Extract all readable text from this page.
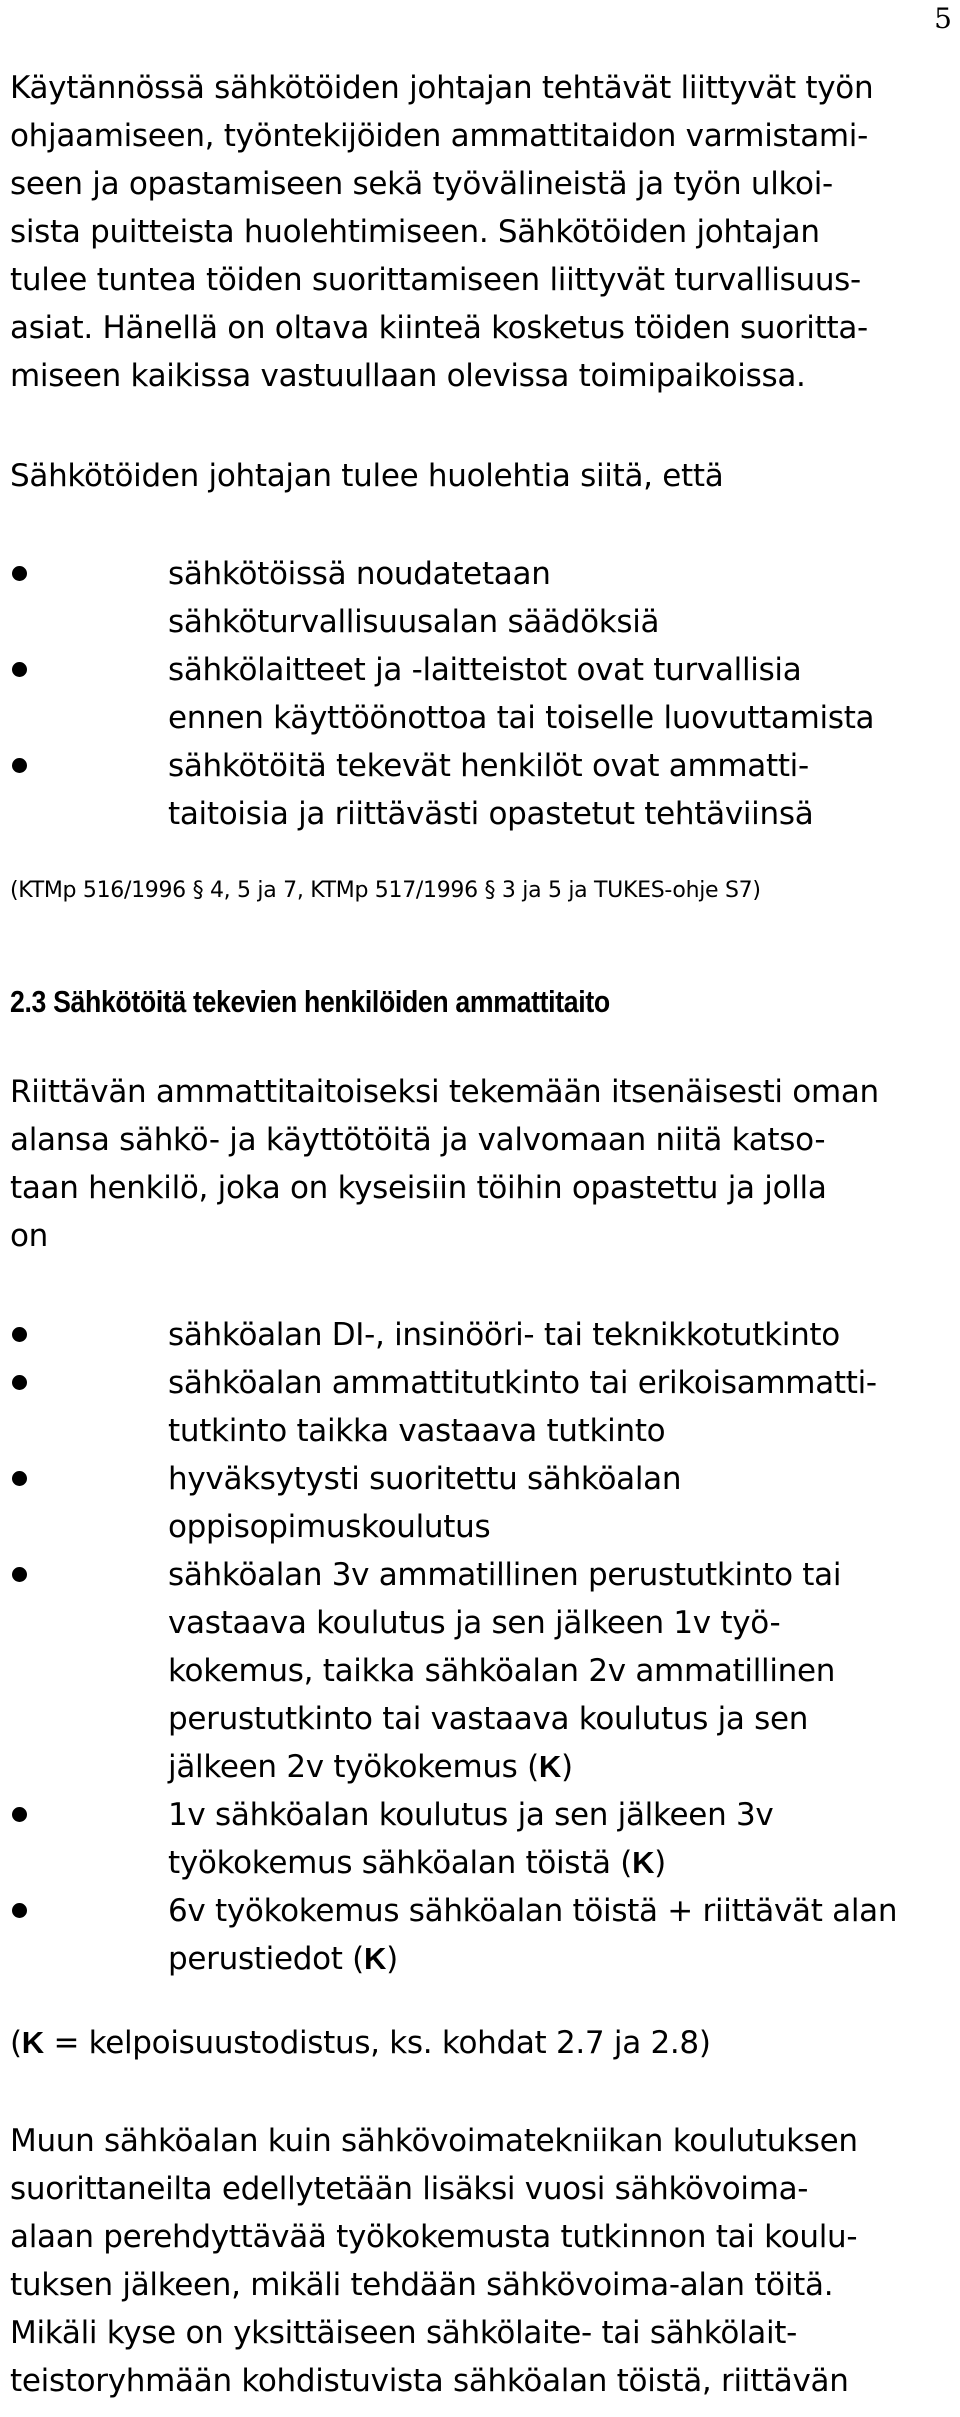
5
Käytännössä sähkötöiden johtajan tehtävät liittyvät työn
ohjaamiseen, työntekijöiden ammattitaidon varmistami-
seen ja opastamiseen sekä työvälineistä ja työn ulkoi-
sista puitteista huolehtimiseen. Sähkötöiden johtajan
tulee tuntea töiden suorittamiseen liittyvät turvallisuus-
asiat. Hänellä on oltava kiinteä kosketus töiden suoritta-
miseen kaikissa vastuullaan olevissa toimipaikoissa.
Sähkötöiden johtajan tulee huolehtia siitä, että
sähkötöissä noudatetaan
sähköturvallisuusalan säädöksiä
sähkölaitteet ja -laitteistot ovat turvallisia
ennen käyttöönottoa tai toiselle luovuttamista
sähkötöitä tekevät henkilöt ovat ammatti-
taitoisia ja riittävästi opastetut tehtäviinsä
(KTMp 516/1996 § 4, 5 ja 7, KTMp 517/1996 § 3 ja 5 ja TUKES-ohje S7)
2.3 Sähkötöitä tekevien henkilöiden ammattitaito
Riittävän ammattitaitoiseksi tekemään itsenäisesti oman
alansa sähkö- ja käyttötöitä ja valvomaan niitä katso-
taan henkilö, joka on kyseisiin töihin opastettu ja jolla
on
sähköalan DI-, insinööri- tai teknikkotutkinto
sähköalan ammattitutkinto tai erikoisammatti-
tutkinto taikka vastaava tutkinto
hyväksytysti suoritettu sähköalan
oppisopimuskoulutus
sähköalan 3v ammatillinen perustutkinto tai
vastaava koulutus ja sen jälkeen 1v työ-
kokemus, taikka sähköalan 2v ammatillinen
perustutkinto tai vastaava koulutus ja sen
jälkeen 2v työkokemus (K)
1v sähköalan koulutus ja sen jälkeen 3v
työkokemus sähköalan töistä (K)
6v työkokemus sähköalan töistä + riittävät alan
perustiedot (K)
(K = kelpoisuustodistus, ks. kohdat 2.7 ja 2.8)
Muun sähköalan kuin sähkövoimatekniikan koulutuksen
suorittaneilta edellytetään lisäksi vuosi sähkövoima-
alaan perehdyttävää työkokemusta tutkinnon tai koulu-
tuksen jälkeen, mikäli tehdään sähkövoima-alan töitä.
Mikäli kyse on yksittäiseen sähkölaite- tai sähkölait-
teistoryhmään kohdistuvista sähköalan töistä, riittävän
